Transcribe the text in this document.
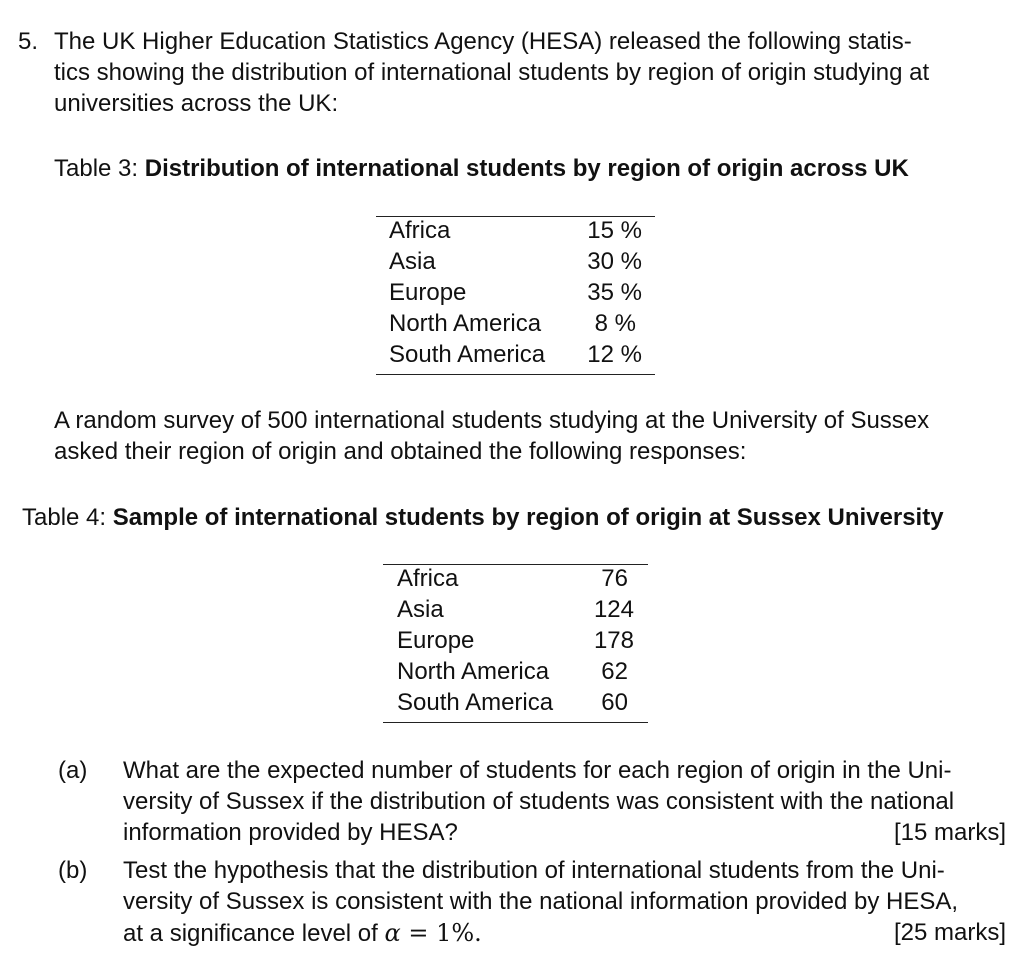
5. The UK Higher Education Statistics Agency (HESA) released the following statis-
tics showing the distribution of international students by region of origin studying at
universities across the UK:
Table 3: Distribution of international students by region of origin across UK
Africa	15 %
Asia	30 %
Europe	35 %
North America	8 %
South America	12 %
A random survey of 500 international students studying at the University of Sussex
asked their region of origin and obtained the following responses:
Table 4: Sample of international students by region of origin at Sussex University
Africa	76
Asia	124
Europe	178
North America	62
South America	60
(a) What are the expected number of students for each region of origin in the Uni-
versity of Sussex if the distribution of students was consistent with the national
information provided by HESA?	[15 marks]
(b) Test the hypothesis that the distribution of international students from the Uni-
versity of Sussex is consistent with the national information provided by HESA,
at a significance level of α = 1%.	[25 marks]
